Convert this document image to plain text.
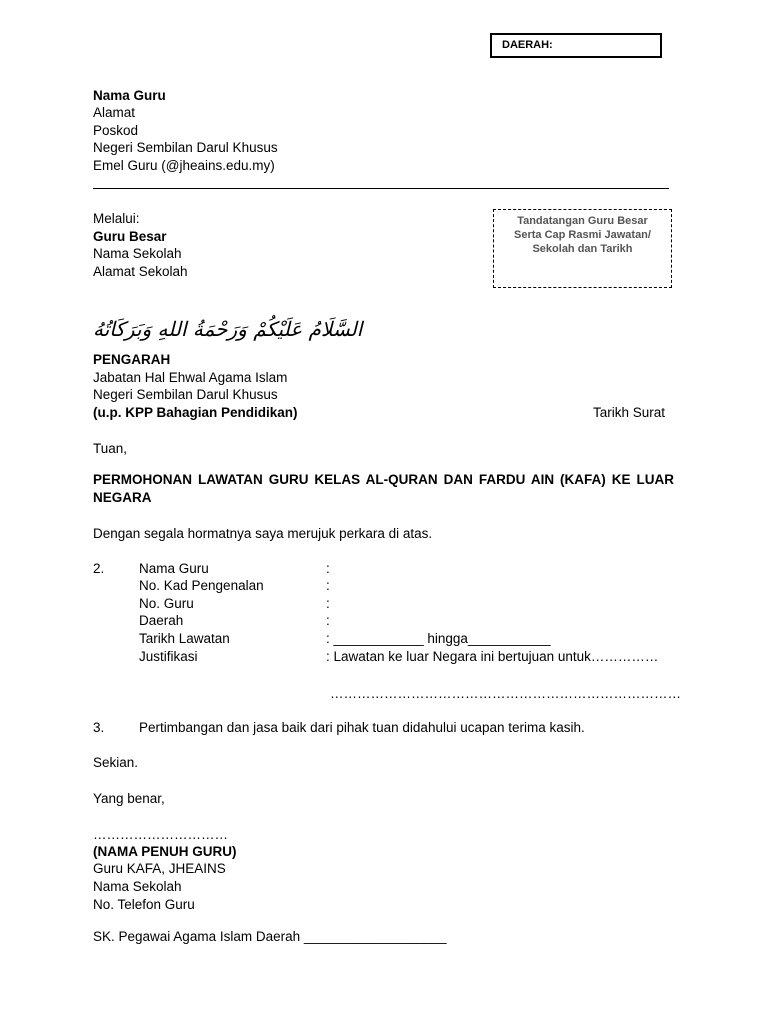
DAERAH:
Nama Guru
Alamat
Poskod
Negeri Sembilan Darul Khusus
Emel Guru (@jheains.edu.my)
Melalui:
Guru Besar
Nama Sekolah
Alamat Sekolah
Tandatangan Guru Besar
Serta Cap Rasmi Jawatan/
Sekolah dan Tarikh
السَّلَامُ عَلَيْكُمْ وَرَحْمَةُ اللهِ وَبَرَكَاتُهُ
PENGARAH
Jabatan Hal Ehwal Agama Islam
Negeri Sembilan Darul Khusus
(u.p. KPP Bahagian Pendidikan)	Tarikh Surat
Tuan,
PERMOHONAN LAWATAN GURU KELAS AL-QURAN DAN FARDU AIN (KAFA) KE LUAR NEGARA
Dengan segala hormatnya saya merujuk perkara di atas.
2.	Nama Guru	:
No. Kad Pengenalan	:
No. Guru	:
Daerah	:
Tarikh Lawatan	: ____________ hingga___________
Justifikasi	: Lawatan ke luar Negara ini bertujuan untuk……………
……………………………………………………………………
3.	Pertimbangan dan jasa baik dari pihak tuan didahului ucapan terima kasih.
Sekian.
Yang benar,
…………………………
(NAMA PENUH GURU)
Guru KAFA, JHEAINS
Nama Sekolah
No. Telefon Guru
SK. Pegawai Agama Islam Daerah ___________________
